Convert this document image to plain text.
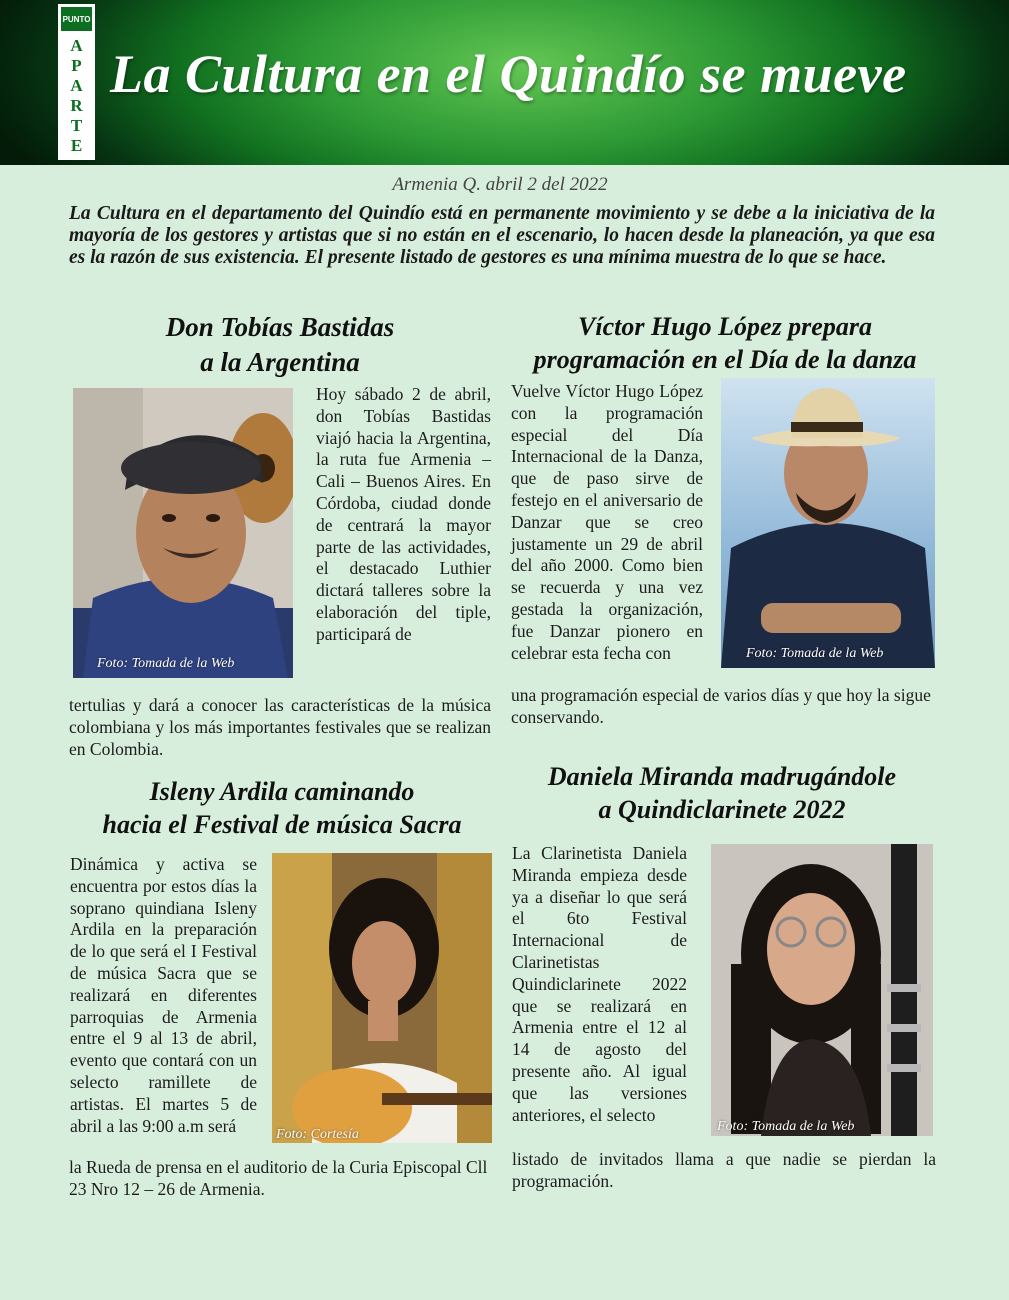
PUNTO
A
P
A
R
T
E
La Cultura en el Quindío se mueve
Armenia Q. abril 2 del 2022
La Cultura en el departamento del Quindío está en permanente movimiento y se debe a la iniciativa de la mayoría de los gestores y artistas que si no están en el escenario, lo hacen desde la planeación, ya que esa es la razón de sus existencia. El presente listado de gestores es una mínima muestra de lo que se hace.
Don Tobías Bastidas
a la Argentina
Foto: Tomada de la Web
Hoy sábado 2 de abril, don Tobías Bastidas viajó hacia la Argentina, la ruta fue Armenia – Cali – Buenos Aires. En Córdoba, ciudad donde de centrará la mayor parte de las actividades, el destacado Luthier dictará talleres sobre la elaboración del tiple, participará de
tertulias y dará a conocer las características de la música colombiana y los más importantes festivales que se realizan en Colombia.
Víctor Hugo López prepara
programación en el Día de la danza
Foto: Tomada de la Web
Vuelve Víctor Hugo López con la programación especial del Día Internacional de la Danza, que de paso sirve de festejo en el aniversario de Danzar que se creo justamente un 29 de abril del año 2000. Como bien se recuerda y una vez gestada la organización, fue Danzar pionero en celebrar esta fecha con
una programación especial de varios días y que hoy la sigue conservando.
Isleny Ardila caminando
hacia el Festival de música Sacra
Foto: Cortesía
Dinámica y activa se encuentra por estos días la soprano quindiana Isleny Ardila en la preparación de lo que será el I Festival de música Sacra que se realizará en diferentes parroquias de Armenia entre el 9 al 13 de abril, evento que contará con un selecto ramillete de artistas. El martes 5 de abril a las 9:00 a.m será
la Rueda de prensa en el auditorio de la Curia Episcopal Cll 23 Nro 12 – 26 de Armenia.
Daniela Miranda madrugándole
a Quindiclarinete 2022
Foto: Tomada de la Web
La Clarinetista Daniela Miranda empieza desde ya a diseñar lo que será el 6to Festival Internacional de Clarinetistas Quindiclarinete 2022 que se realizará en Armenia entre el 12 al 14 de agosto del presente año. Al igual que las versiones anteriores, el selecto
listado de invitados llama a que nadie se pierdan la programación.
